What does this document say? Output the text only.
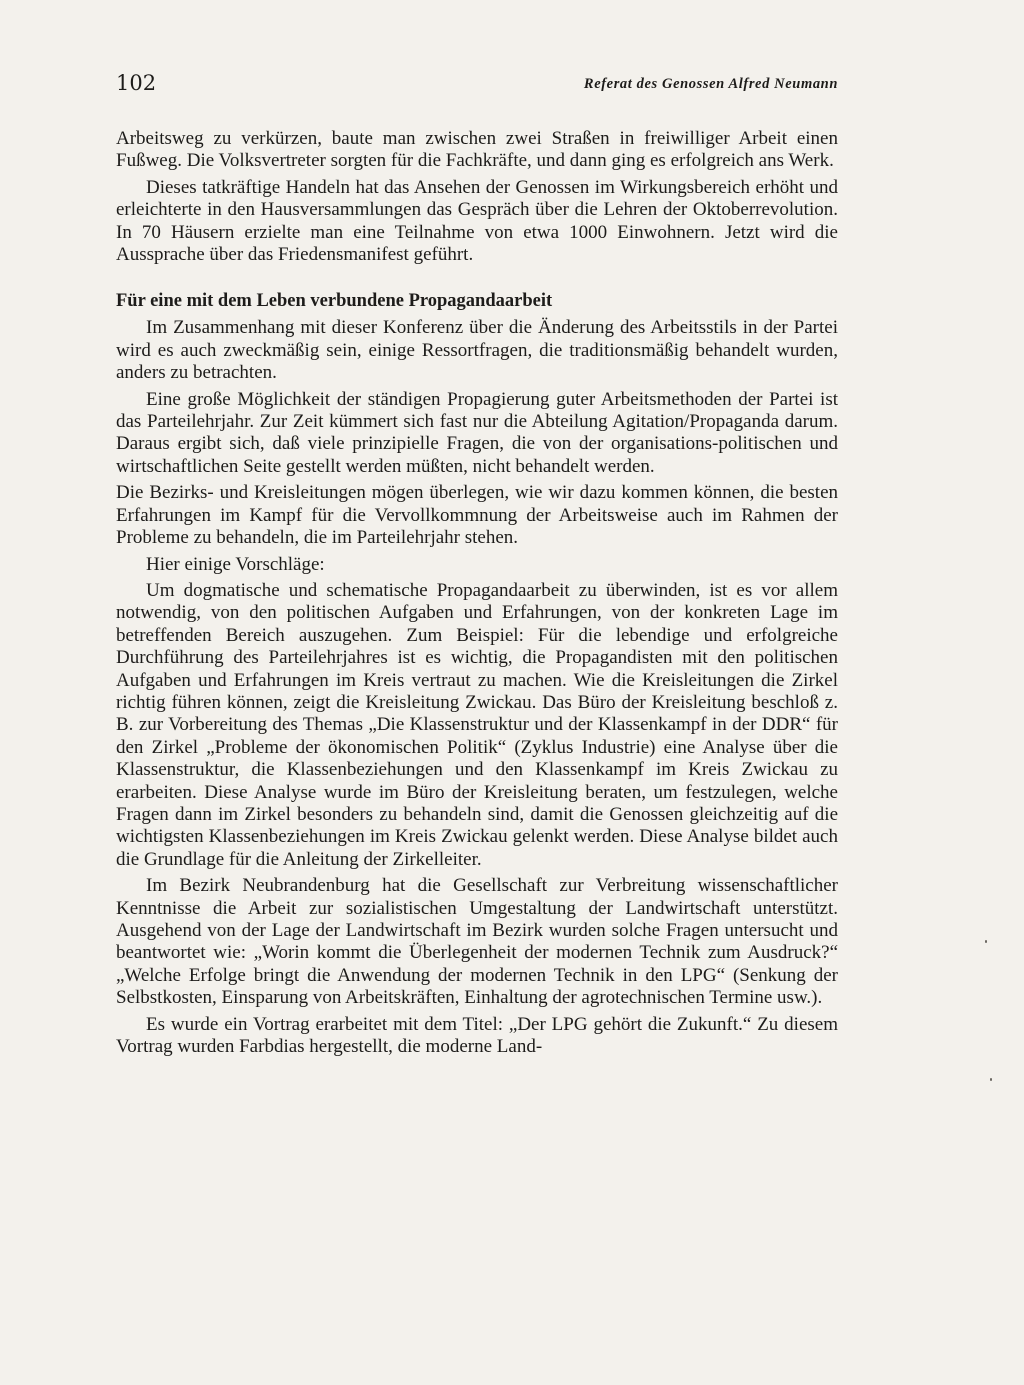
102	Referat des Genossen Alfred Neumann

Arbeitsweg zu verkürzen, baute man zwischen zwei Straßen in freiwilliger Arbeit einen Fußweg. Die Volksvertreter sorgten für die Fachkräfte, und dann ging es erfolgreich ans Werk.

Dieses tatkräftige Handeln hat das Ansehen der Genossen im Wirkungsbereich erhöht und erleichterte in den Hausversammlungen das Gespräch über die Lehren der Oktoberrevolution. In 70 Häusern erzielte man eine Teilnahme von etwa 1000 Einwohnern. Jetzt wird die Aussprache über das Friedensmanifest geführt.

Für eine mit dem Leben verbundene Propagandaarbeit

Im Zusammenhang mit dieser Konferenz über die Änderung des Arbeitsstils in der Partei wird es auch zweckmäßig sein, einige Ressortfragen, die traditionsmäßig behandelt wurden, anders zu betrachten.

Eine große Möglichkeit der ständigen Propagierung guter Arbeitsmethoden der Partei ist das Parteilehrjahr. Zur Zeit kümmert sich fast nur die Abteilung Agitation/Propaganda darum. Daraus ergibt sich, daß viele prinzipielle Fragen, die von der organisations-politischen und wirtschaftlichen Seite gestellt werden müßten, nicht behandelt werden.

Die Bezirks- und Kreisleitungen mögen überlegen, wie wir dazu kommen können, die besten Erfahrungen im Kampf für die Vervollkommnung der Arbeitsweise auch im Rahmen der Probleme zu behandeln, die im Parteilehrjahr stehen.

Hier einige Vorschläge:

Um dogmatische und schematische Propagandaarbeit zu überwinden, ist es vor allem notwendig, von den politischen Aufgaben und Erfahrungen, von der konkreten Lage im betreffenden Bereich auszugehen. Zum Beispiel: Für die lebendige und erfolgreiche Durchführung des Parteilehrjahres ist es wichtig, die Propagandisten mit den politischen Aufgaben und Erfahrungen im Kreis vertraut zu machen. Wie die Kreisleitungen die Zirkel richtig führen können, zeigt die Kreisleitung Zwickau. Das Büro der Kreisleitung beschloß z. B. zur Vorbereitung des Themas „Die Klassenstruktur und der Klassenkampf in der DDR“ für den Zirkel „Probleme der ökonomischen Politik“ (Zyklus Industrie) eine Analyse über die Klassenstruktur, die Klassenbeziehungen und den Klassenkampf im Kreis Zwickau zu erarbeiten. Diese Analyse wurde im Büro der Kreisleitung beraten, um festzulegen, welche Fragen dann im Zirkel besonders zu behandeln sind, damit die Genossen gleichzeitig auf die wichtigsten Klassenbeziehungen im Kreis Zwickau gelenkt werden. Diese Analyse bildet auch die Grundlage für die Anleitung der Zirkelleiter.

Im Bezirk Neubrandenburg hat die Gesellschaft zur Verbreitung wissenschaftlicher Kenntnisse die Arbeit zur sozialistischen Umgestaltung der Landwirtschaft unterstützt. Ausgehend von der Lage der Landwirtschaft im Bezirk wurden solche Fragen untersucht und beantwortet wie: „Worin kommt die Überlegenheit der modernen Technik zum Ausdruck?“ „Welche Erfolge bringt die Anwendung der modernen Technik in den LPG“ (Senkung der Selbstkosten, Einsparung von Arbeitskräften, Einhaltung der agrotechnischen Termine usw.).

Es wurde ein Vortrag erarbeitet mit dem Titel: „Der LPG gehört die Zukunft.“ Zu diesem Vortrag wurden Farbdias hergestellt, die moderne Land-
